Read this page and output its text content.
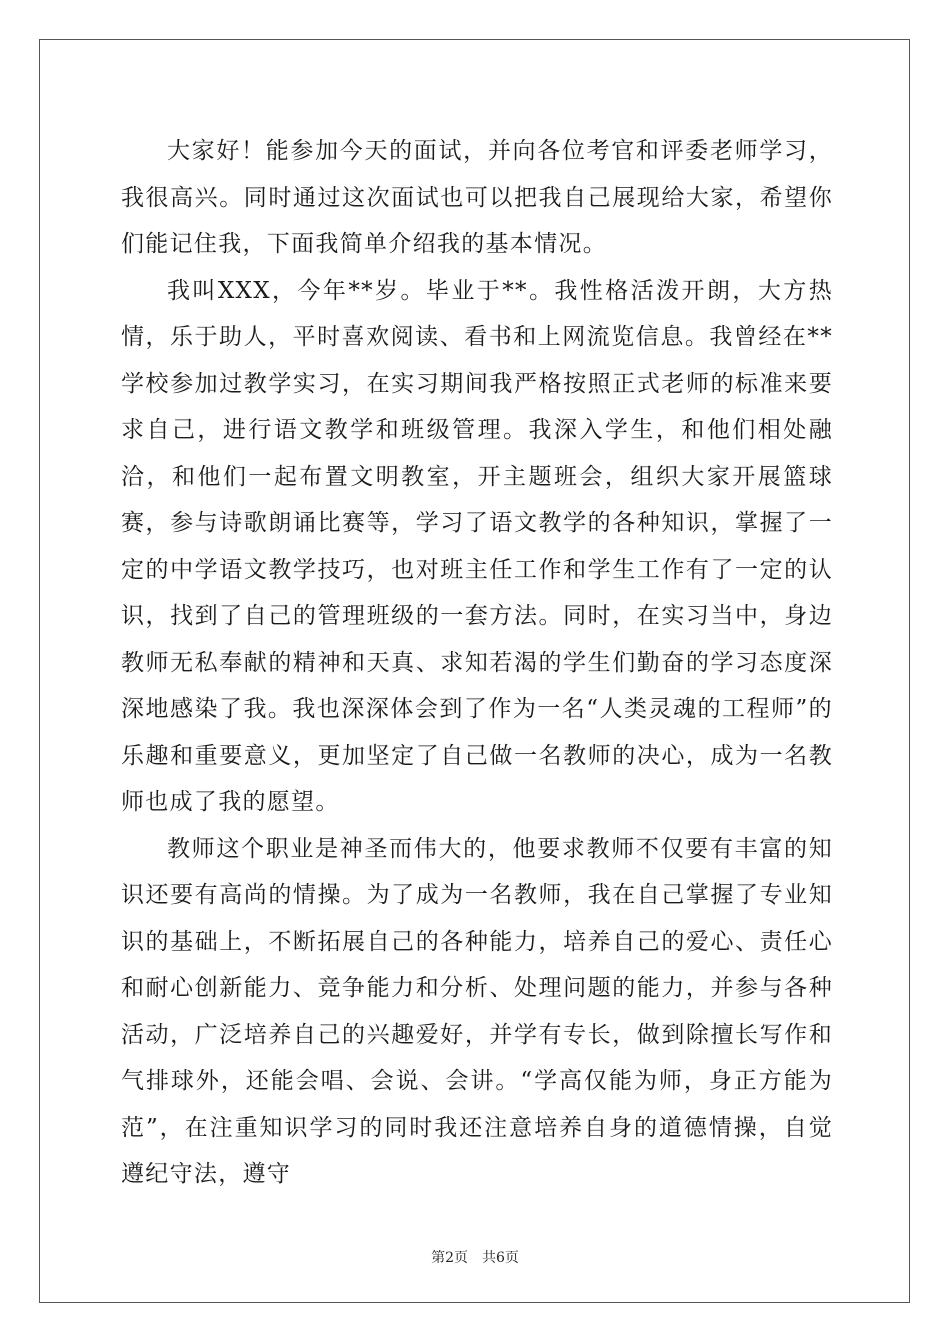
大家好！能参加今天的面试，并向各位考官和评委老师学习，我很高兴。同时通过这次面试也可以把我自己展现给大家，希望你们能记住我，下面我简单介绍我的基本情况。

我叫XXX，今年**岁。毕业于**。我性格活泼开朗，大方热情，乐于助人，平时喜欢阅读、看书和上网流览信息。我曾经在**学校参加过教学实习，在实习期间我严格按照正式老师的标准来要求自己，进行语文教学和班级管理。我深入学生，和他们相处融洽，和他们一起布置文明教室，开主题班会，组织大家开展篮球赛，参与诗歌朗诵比赛等，学习了语文教学的各种知识，掌握了一定的中学语文教学技巧，也对班主任工作和学生工作有了一定的认识，找到了自己的管理班级的一套方法。同时，在实习当中，身边教师无私奉献的精神和天真、求知若渴的学生们勤奋的学习态度深深地感染了我。我也深深体会到了作为一名“人类灵魂的工程师”的乐趣和重要意义，更加坚定了自己做一名教师的决心，成为一名教师也成了我的愿望。

教师这个职业是神圣而伟大的，他要求教师不仅要有丰富的知识还要有高尚的情操。为了成为一名教师，我在自己掌握了专业知识的基础上，不断拓展自己的各种能力，培养自己的爱心、责任心和耐心创新能力、竞争能力和分析、处理问题的能力，并参与各种活动，广泛培养自己的兴趣爱好，并学有专长，做到除擅长写作和气排球外，还能会唱、会说、会讲。“学高仅能为师，身正方能为范”，在注重知识学习的同时我还注意培养自身的道德情操，自觉遵纪守法，遵守

第2页 共6页
